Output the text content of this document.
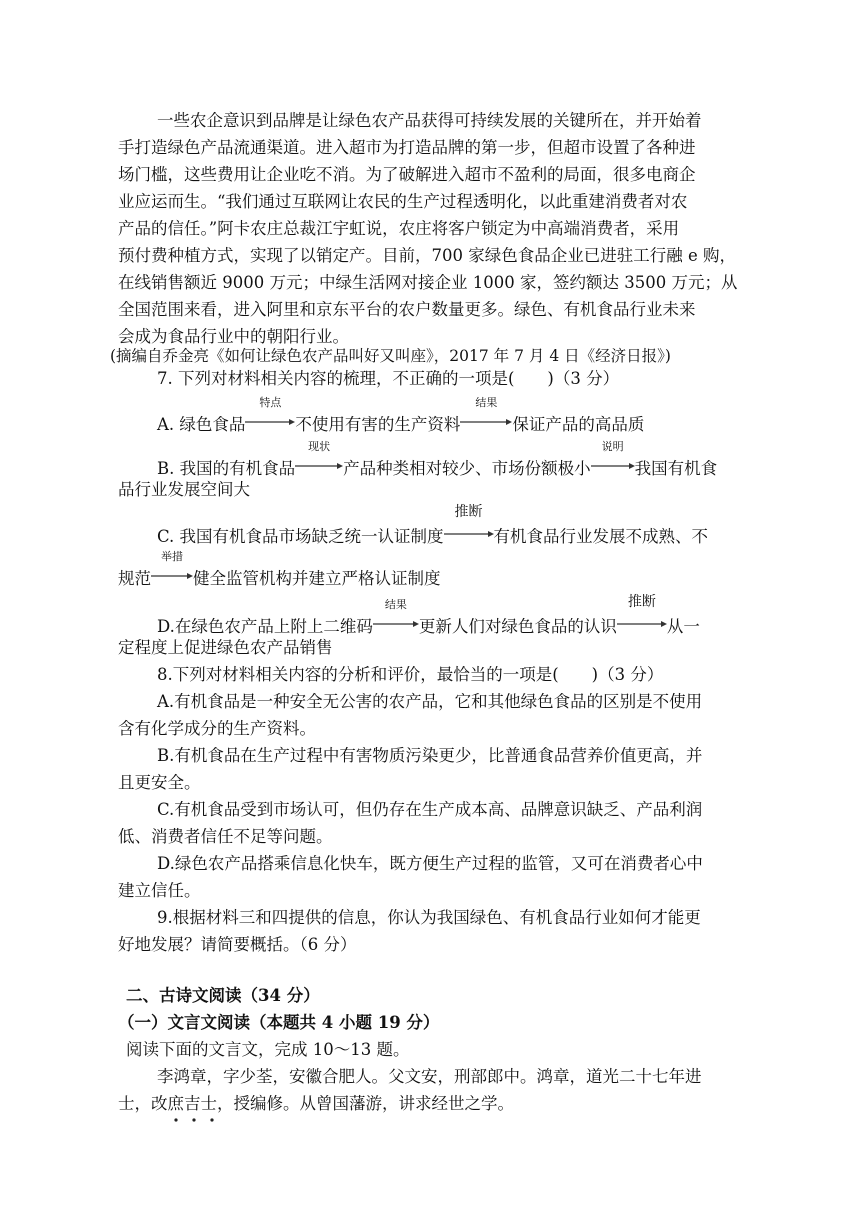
一些农企意识到品牌是让绿色农产品获得可持续发展的关键所在，并开始着
手打造绿色产品流通渠道。进入超市为打造品牌的第一步，但超市设置了各种进
场门槛，这些费用让企业吃不消。为了破解进入超市不盈利的局面，很多电商企
业应运而生。“我们通过互联网让农民的生产过程透明化，以此重建消费者对农
产品的信任。”阿卡农庄总裁江宇虹说，农庄将客户锁定为中高端消费者，采用
预付费种植方式，实现了以销定产。目前，700 家绿色食品企业已进驻工行融 e 购，
在线销售额近 9000 万元；中绿生活网对接企业 1000 家，签约额达 3500 万元；从
全国范围来看，进入阿里和京东平台的农户数量更多。绿色、有机食品行业未来
会成为食品行业中的朝阳行业。
(摘编自乔金亮《如何让绿色农产品叫好又叫座》，2017 年 7 月 4 日《经济日报》)
7. 下列对材料相关内容的梳理，不正确的一项是(　　)（3 分）
A. 绿色食品
特点
不使用有害的生产资料
结果
保证产品的高品质
B. 我国的有机食品
现状
产品种类相对较少、市场份额极小
说明
我国有机食
品行业发展空间大
C. 我国有机食品市场缺乏统一认证制度
推断
有机食品行业发展不成熟、不
规范
举措
健全监管机构并建立严格认证制度
D.在绿色农产品上附上二维码
结果
更新人们对绿色食品的认识
推断
从一
定程度上促进绿色农产品销售
8.下列对材料相关内容的分析和评价，最恰当的一项是(　　)（3 分）
A.有机食品是一种安全无公害的农产品，它和其他绿色食品的区别是不使用
含有化学成分的生产资料。
B.有机食品在生产过程中有害物质污染更少，比普通食品营养价值更高，并
且更安全。
C.有机食品受到市场认可，但仍存在生产成本高、品牌意识缺乏、产品利润
低、消费者信任不足等问题。
D.绿色农产品搭乘信息化快车，既方便生产过程的监管，又可在消费者心中
建立信任。
9.根据材料三和四提供的信息，你认为我国绿色、有机食品行业如何才能更
好地发展？请简要概括。（6 分）
二、古诗文阅读（34 分）
（一）文言文阅读（本题共 4 小题 19 分）
阅读下面的文言文，完成 10～13 题。
李鸿章，字少荃，安徽合肥人。父文安，刑部郎中。鸿章，道光二十七年进
士，改庶吉士
，授编修。从曾国藩游，讲求经世之学。
